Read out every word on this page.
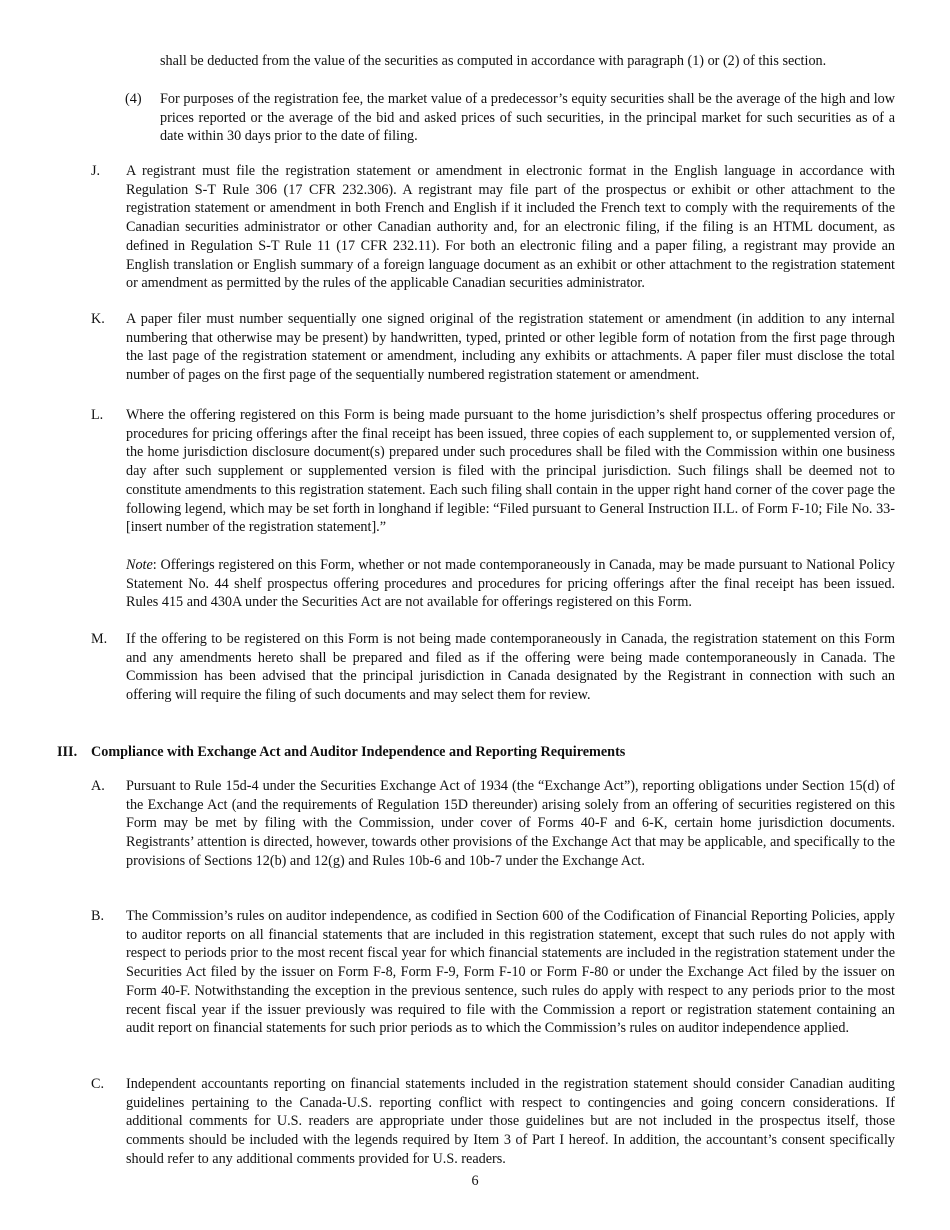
shall be deducted from the value of the securities as computed in accordance with paragraph (1) or (2) of this section.

(4) For purposes of the registration fee, the market value of a predecessor’s equity securities shall be the average of the high and low prices reported or the average of the bid and asked prices of such securities, in the principal market for such securities as of a date within 30 days prior to the date of filing.

J. A registrant must file the registration statement or amendment in electronic format in the English language in accordance with Regulation S-T Rule 306 (17 CFR 232.306). A registrant may file part of the prospectus or exhibit or other attachment to the registration statement or amendment in both French and English if it included the French text to comply with the requirements of the Canadian securities administrator or other Canadian authority and, for an electronic filing, if the filing is an HTML document, as defined in Regulation S-T Rule 11 (17 CFR 232.11). For both an electronic filing and a paper filing, a registrant may provide an English translation or English summary of a foreign language document as an exhibit or other attachment to the registration statement or amendment as permitted by the rules of the applicable Canadian securities administrator.

K. A paper filer must number sequentially one signed original of the registration statement or amendment (in addition to any internal numbering that otherwise may be present) by handwritten, typed, printed or other legible form of notation from the first page through the last page of the registration statement or amendment, including any exhibits or attachments. A paper filer must disclose the total number of pages on the first page of the sequentially numbered registration statement or amendment.

L. Where the offering registered on this Form is being made pursuant to the home jurisdiction’s shelf prospectus offering procedures or procedures for pricing offerings after the final receipt has been issued, three copies of each supplement to, or supplemented version of, the home jurisdiction disclosure document(s) prepared under such procedures shall be filed with the Commission within one business day after such supplement or supplemented version is filed with the principal jurisdiction. Such filings shall be deemed not to constitute amendments to this registration statement. Each such filing shall contain in the upper right hand corner of the cover page the following legend, which may be set forth in longhand if legible: “Filed pursuant to General Instruction II.L. of Form F-10; File No. 33-[insert number of the registration statement].”

Note: Offerings registered on this Form, whether or not made contemporaneously in Canada, may be made pursuant to National Policy Statement No. 44 shelf prospectus offering procedures and procedures for pricing offerings after the final receipt has been issued. Rules 415 and 430A under the Securities Act are not available for offerings registered on this Form.

M. If the offering to be registered on this Form is not being made contemporaneously in Canada, the registration statement on this Form and any amendments hereto shall be prepared and filed as if the offering were being made contemporaneously in Canada. The Commission has been advised that the principal jurisdiction in Canada designated by the Registrant in connection with such an offering will require the filing of such documents and may select them for review.

III. Compliance with Exchange Act and Auditor Independence and Reporting Requirements

A. Pursuant to Rule 15d-4 under the Securities Exchange Act of 1934 (the “Exchange Act”), reporting obligations under Section 15(d) of the Exchange Act (and the requirements of Regulation 15D thereunder) arising solely from an offering of securities registered on this Form may be met by filing with the Commission, under cover of Forms 40-F and 6-K, certain home jurisdiction documents. Registrants’ attention is directed, however, towards other provisions of the Exchange Act that may be applicable, and specifically to the provisions of Sections 12(b) and 12(g) and Rules 10b-6 and 10b-7 under the Exchange Act.

B. The Commission’s rules on auditor independence, as codified in Section 600 of the Codification of Financial Reporting Policies, apply to auditor reports on all financial statements that are included in this registration statement, except that such rules do not apply with respect to periods prior to the most recent fiscal year for which financial statements are included in the registration statement under the Securities Act filed by the issuer on Form F-8, Form F-9, Form F-10 or Form F-80 or under the Exchange Act filed by the issuer on Form 40-F. Notwithstanding the exception in the previous sentence, such rules do apply with respect to any periods prior to the most recent fiscal year if the issuer previously was required to file with the Commission a report or registration statement containing an audit report on financial statements for such prior periods as to which the Commission’s rules on auditor independence applied.

C. Independent accountants reporting on financial statements included in the registration statement should consider Canadian auditing guidelines pertaining to the Canada-U.S. reporting conflict with respect to contingencies and going concern considerations. If additional comments for U.S. readers are appropriate under those guidelines but are not included in the prospectus itself, those comments should be included with the legends required by Item 3 of Part I hereof. In addition, the accountant’s consent specifically should refer to any additional comments provided for U.S. readers.

6
